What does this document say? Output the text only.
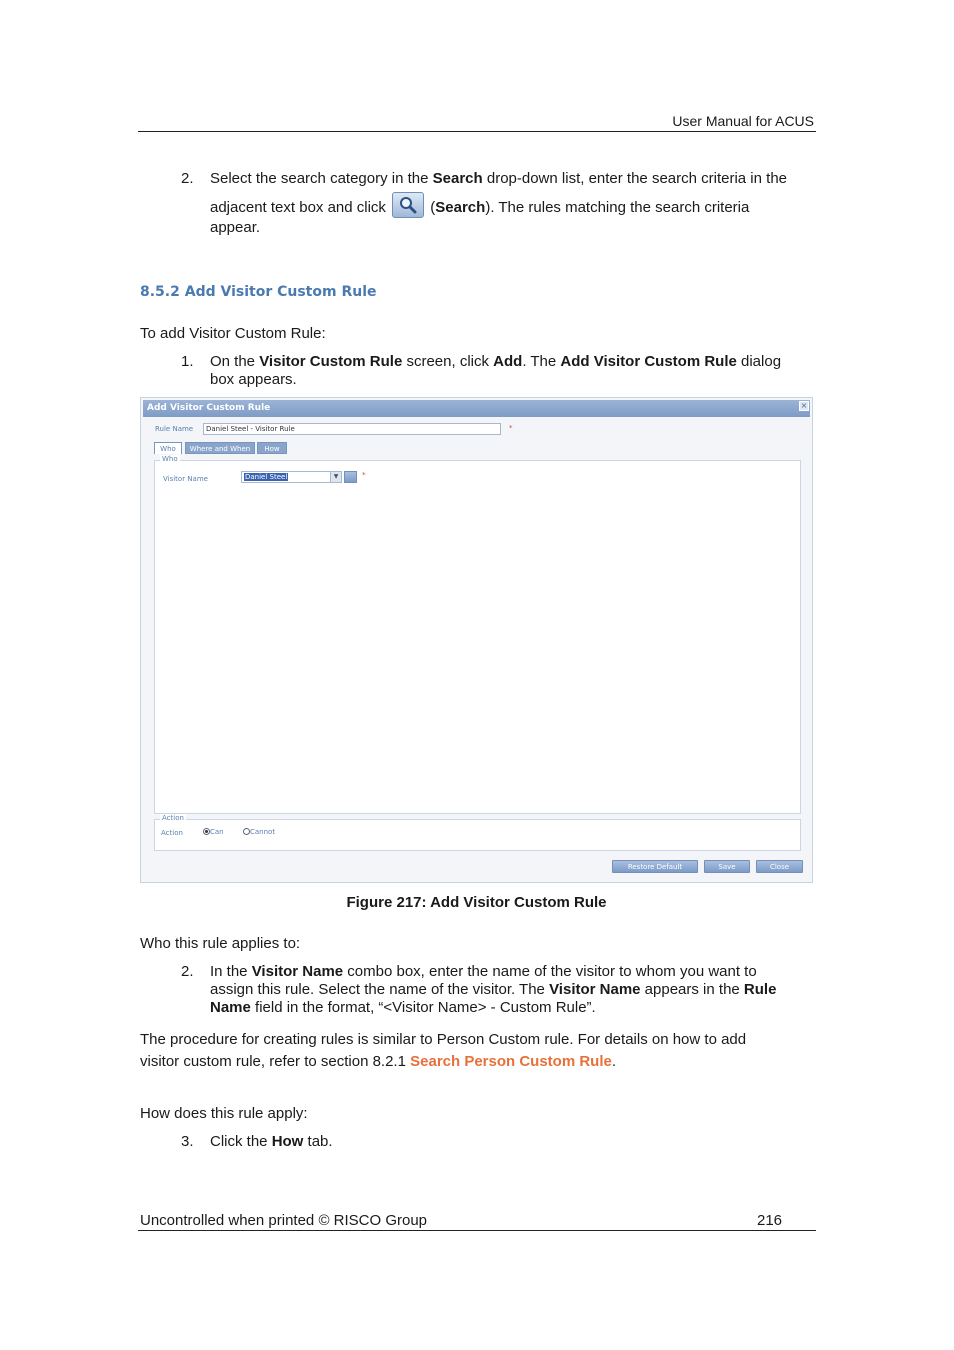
User Manual for ACUS
2.	Select the search category in the Search drop-down list, enter the search criteria in the
adjacent text box and click
(Search). The rules matching the search criteria
appear.
8.5.2 Add Visitor Custom Rule
To add Visitor Custom Rule:
1.	On the Visitor Custom Rule screen, click Add. The Add Visitor Custom Rule dialog
box appears.
Add Visitor Custom Rule	×
Rule Name	Daniel Steel - Visitor Rule	*
Who	Where and When	How
Who
Visitor Name	Daniel Steel	▼	*
Action
Action	Can	Cannot
Restore Default	Save	Close
Figure 217: Add Visitor Custom Rule
Who this rule applies to:
2.	In the Visitor Name combo box, enter the name of the visitor to whom you want to
assign this rule. Select the name of the visitor. The Visitor Name appears in the Rule
Name field in the format, “<Visitor Name> - Custom Rule”.
The procedure for creating rules is similar to Person Custom rule. For details on how to add
visitor custom rule, refer to section 8.2.1 Search Person Custom Rule.
How does this rule apply:
3.	Click the How tab.
Uncontrolled when printed © RISCO Group	216
